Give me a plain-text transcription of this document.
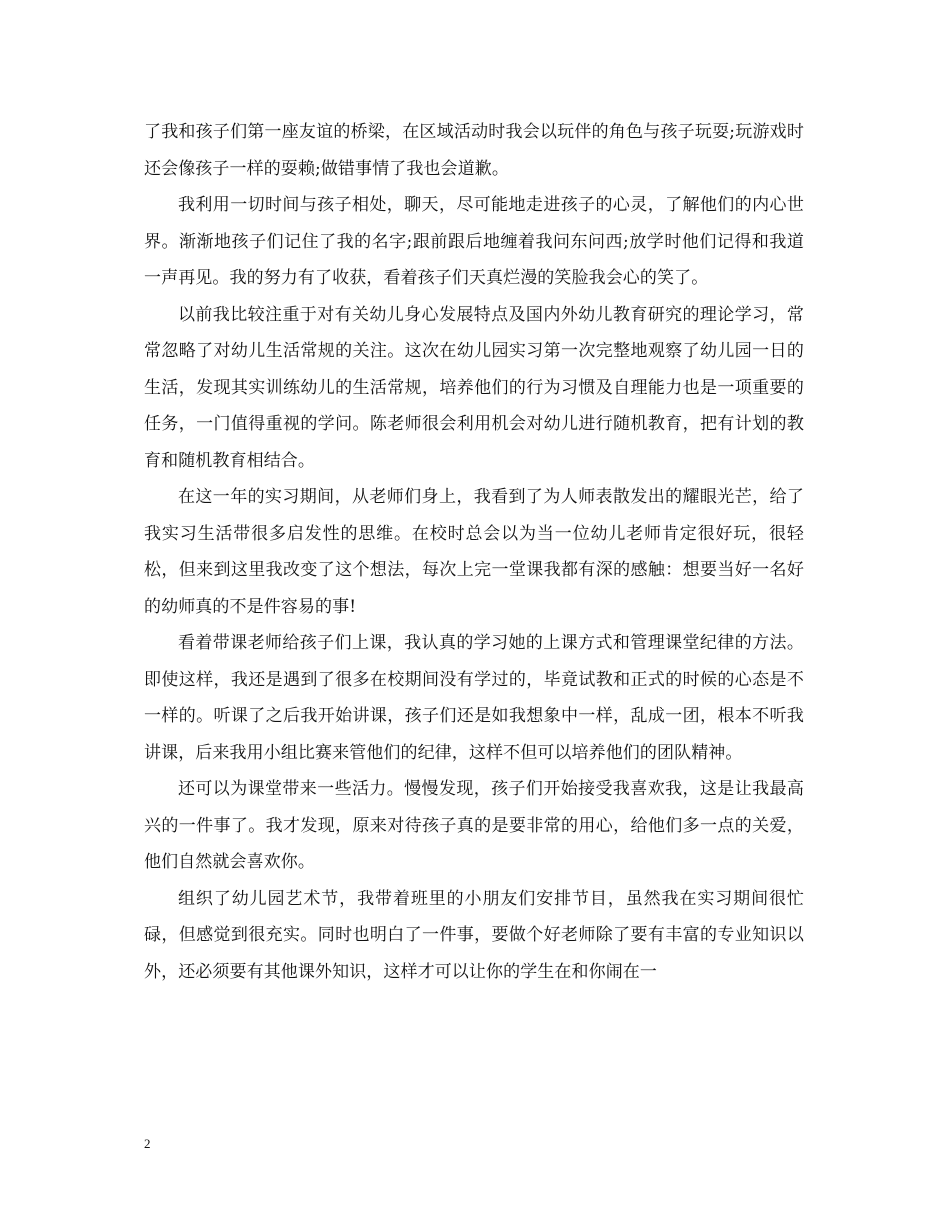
了我和孩子们第一座友谊的桥梁，在区域活动时我会以玩伴的角色与孩子玩耍;玩游戏时还会像孩子一样的耍赖;做错事情了我也会道歉。

我利用一切时间与孩子相处，聊天，尽可能地走进孩子的心灵，了解他们的内心世界。渐渐地孩子们记住了我的名字;跟前跟后地缠着我问东问西;放学时他们记得和我道一声再见。我的努力有了收获，看着孩子们天真烂漫的笑脸我会心的笑了。

以前我比较注重于对有关幼儿身心发展特点及国内外幼儿教育研究的理论学习，常常忽略了对幼儿生活常规的关注。这次在幼儿园实习第一次完整地观察了幼儿园一日的生活，发现其实训练幼儿的生活常规，培养他们的行为习惯及自理能力也是一项重要的任务，一门值得重视的学问。陈老师很会利用机会对幼儿进行随机教育，把有计划的教育和随机教育相结合。

在这一年的实习期间，从老师们身上，我看到了为人师表散发出的耀眼光芒，给了我实习生活带很多启发性的思维。在校时总会以为当一位幼儿老师肯定很好玩，很轻松，但来到这里我改变了这个想法，每次上完一堂课我都有深的感触：想要当好一名好的幼师真的不是件容易的事!

看着带课老师给孩子们上课，我认真的学习她的上课方式和管理课堂纪律的方法。即使这样，我还是遇到了很多在校期间没有学过的，毕竟试教和正式的时候的心态是不一样的。听课了之后我开始讲课，孩子们还是如我想象中一样，乱成一团，根本不听我讲课，后来我用小组比赛来管他们的纪律，这样不但可以培养他们的团队精神。

还可以为课堂带来一些活力。慢慢发现，孩子们开始接受我喜欢我，这是让我最高兴的一件事了。我才发现，原来对待孩子真的是要非常的用心，给他们多一点的关爱，他们自然就会喜欢你。

组织了幼儿园艺术节，我带着班里的小朋友们安排节目，虽然我在实习期间很忙碌，但感觉到很充实。同时也明白了一件事，要做个好老师除了要有丰富的专业知识以外，还必须要有其他课外知识，这样才可以让你的学生在和你闹在一

2
